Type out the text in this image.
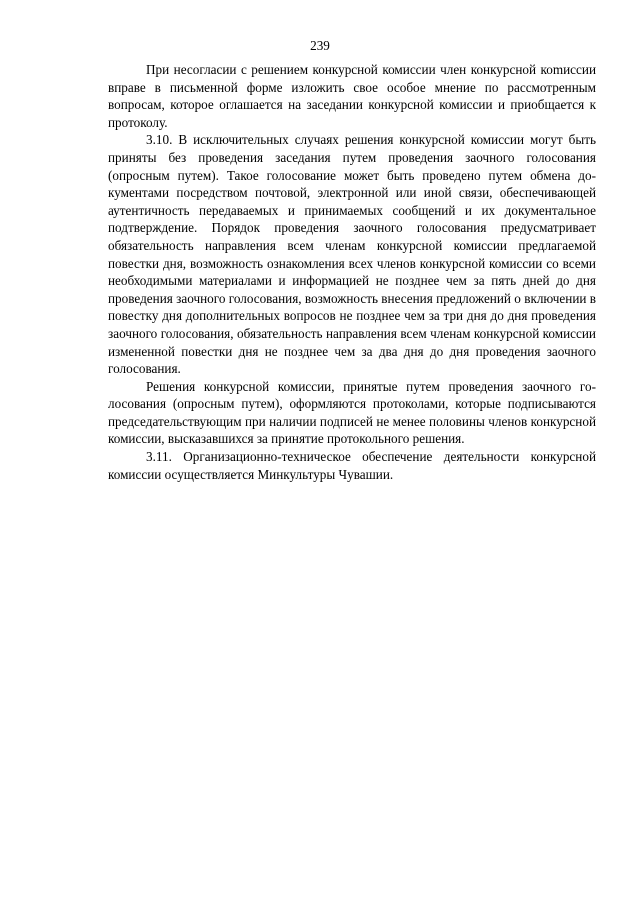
239

При несогласии с решением конкурсной комиссии член конкурсной коmиссии вправе в письменной форме изложить свое особое мнение по рассмотренным вопросам, которое оглашается на заседании конкурсной комиссии и приобщается к протоколу.

3.10. В исключительных случаях решения конкурсной комиссии могут быть приняты без проведения заседания путем проведения заочного голосования (опросным путем). Такое голосование может быть проведено путем обмена документами посредством почтовой, электронной или иной связи, обеспечивающей аутентичность передаваемых и принимаемых сообщений и их документальное подтверждение. Порядок проведения заочного голосования предусматривает обязательность направления всем членам конкурсной комиссии предлагаемой повестки дня, возможность ознакомления всех членов конкурсной комиссии со всеми необходимыми материалами и информацией не позднее чем за пять дней до дня проведения заочного голосования, возможность внесения предложений о включении в повестку дня дополнительных вопросов не позднее чем за три дня до дня проведения заочного голосования, обязательность направления всем членам конкурсной комиссии измененной повестки дня не позднее чем за два дня до дня проведения заочного голосования.

Решения конкурсной комиссии, принятые путем проведения заочного голосования (опросным путем), оформляются протоколами, которые подписываются председательствующим при наличии подписей не менее половины членов конкурсной комиссии, высказавшихся за принятие протокольного решения.

3.11. Организационно-техническое обеспечение деятельности конкурсной комиссии осуществляется Минкультуры Чувашии.
